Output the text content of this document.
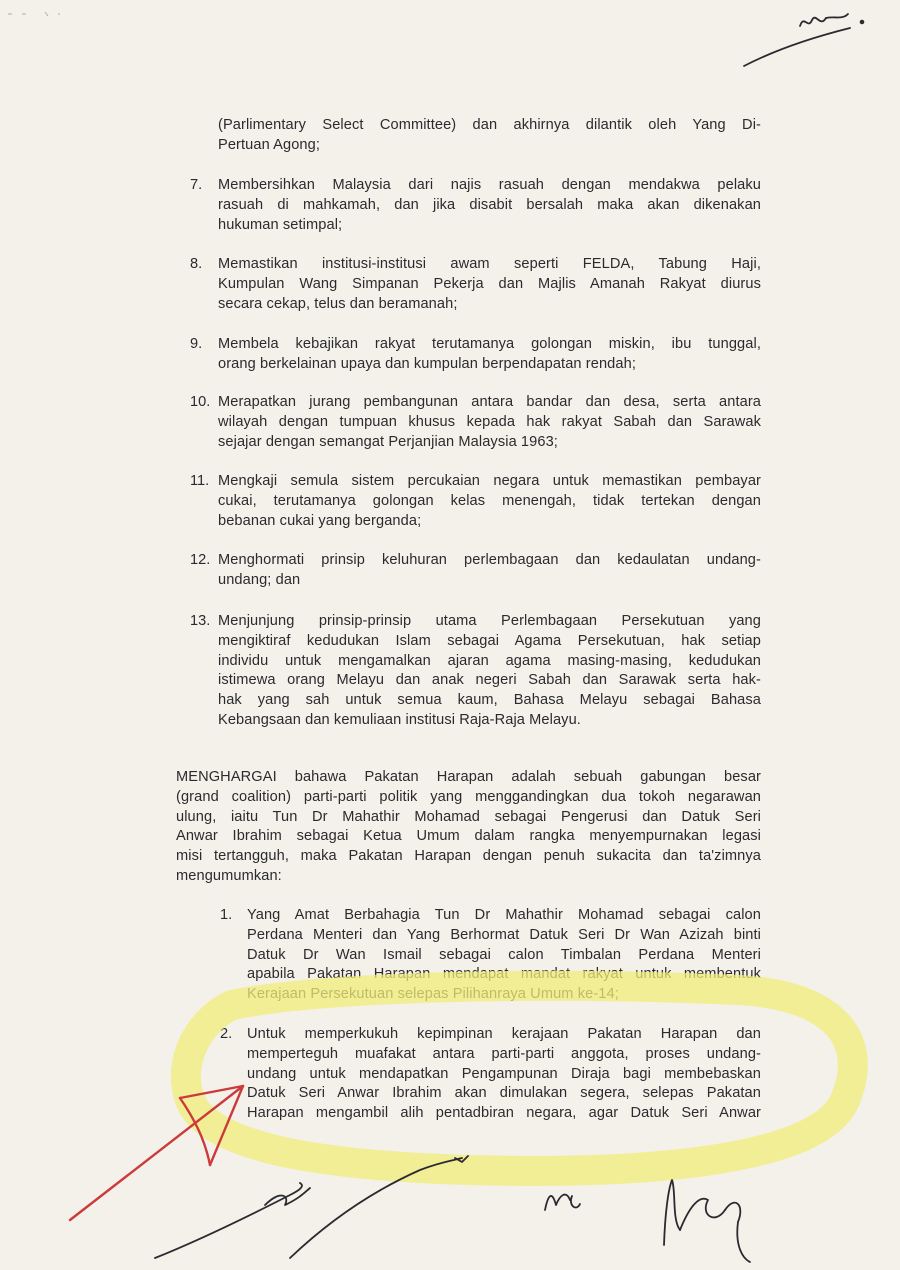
(Parlimentary Select Committee) dan akhirnya dilantik oleh Yang Di-
Pertuan Agong;
7. Membersihkan Malaysia dari najis rasuah dengan mendakwa pelaku
rasuah di mahkamah, dan jika disabit bersalah maka akan dikenakan
hukuman setimpal;
8. Memastikan institusi-institusi awam seperti FELDA, Tabung Haji,
Kumpulan Wang Simpanan Pekerja dan Majlis Amanah Rakyat diurus
secara cekap, telus dan beramanah;
9. Membela kebajikan rakyat terutamanya golongan miskin, ibu tunggal,
orang berkelainan upaya dan kumpulan berpendapatan rendah;
10. Merapatkan jurang pembangunan antara bandar dan desa, serta antara
wilayah dengan tumpuan khusus kepada hak rakyat Sabah dan Sarawak
sejajar dengan semangat Perjanjian Malaysia 1963;
11. Mengkaji semula sistem percukaian negara untuk memastikan pembayar
cukai, terutamanya golongan kelas menengah, tidak tertekan dengan
bebanan cukai yang berganda;
12. Menghormati prinsip keluhuran perlembagaan dan kedaulatan undang-
undang; dan
13. Menjunjung prinsip-prinsip utama Perlembagaan Persekutuan yang
mengiktiraf kedudukan Islam sebagai Agama Persekutuan, hak setiap
individu untuk mengamalkan ajaran agama masing-masing, kedudukan
istimewa orang Melayu dan anak negeri Sabah dan Sarawak serta hak-
hak yang sah untuk semua kaum, Bahasa Melayu sebagai Bahasa
Kebangsaan dan kemuliaan institusi Raja-Raja Melayu.
MENGHARGAI bahawa Pakatan Harapan adalah sebuah gabungan besar
(grand coalition) parti-parti politik yang menggandingkan dua tokoh negarawan
ulung, iaitu Tun Dr Mahathir Mohamad sebagai Pengerusi dan Datuk Seri
Anwar Ibrahim sebagai Ketua Umum dalam rangka menyempurnakan legasi
misi tertangguh, maka Pakatan Harapan dengan penuh sukacita dan ta'zimnya
mengumumkan:
1. Yang Amat Berbahagia Tun Dr Mahathir Mohamad sebagai calon
Perdana Menteri dan Yang Berhormat Datuk Seri Dr Wan Azizah binti
Datuk Dr Wan Ismail sebagai calon Timbalan Perdana Menteri
apabila Pakatan Harapan mendapat mandat rakyat untuk membentuk
Kerajaan Persekutuan selepas Pilihanraya Umum ke-14;
2. Untuk memperkukuh kepimpinan kerajaan Pakatan Harapan dan
memperteguh muafakat antara parti-parti anggota, proses undang-
undang untuk mendapatkan Pengampunan Diraja bagi membebaskan
Datuk Seri Anwar Ibrahim akan dimulakan segera, selepas Pakatan
Harapan mengambil alih pentadbiran negara, agar Datuk Seri Anwar
